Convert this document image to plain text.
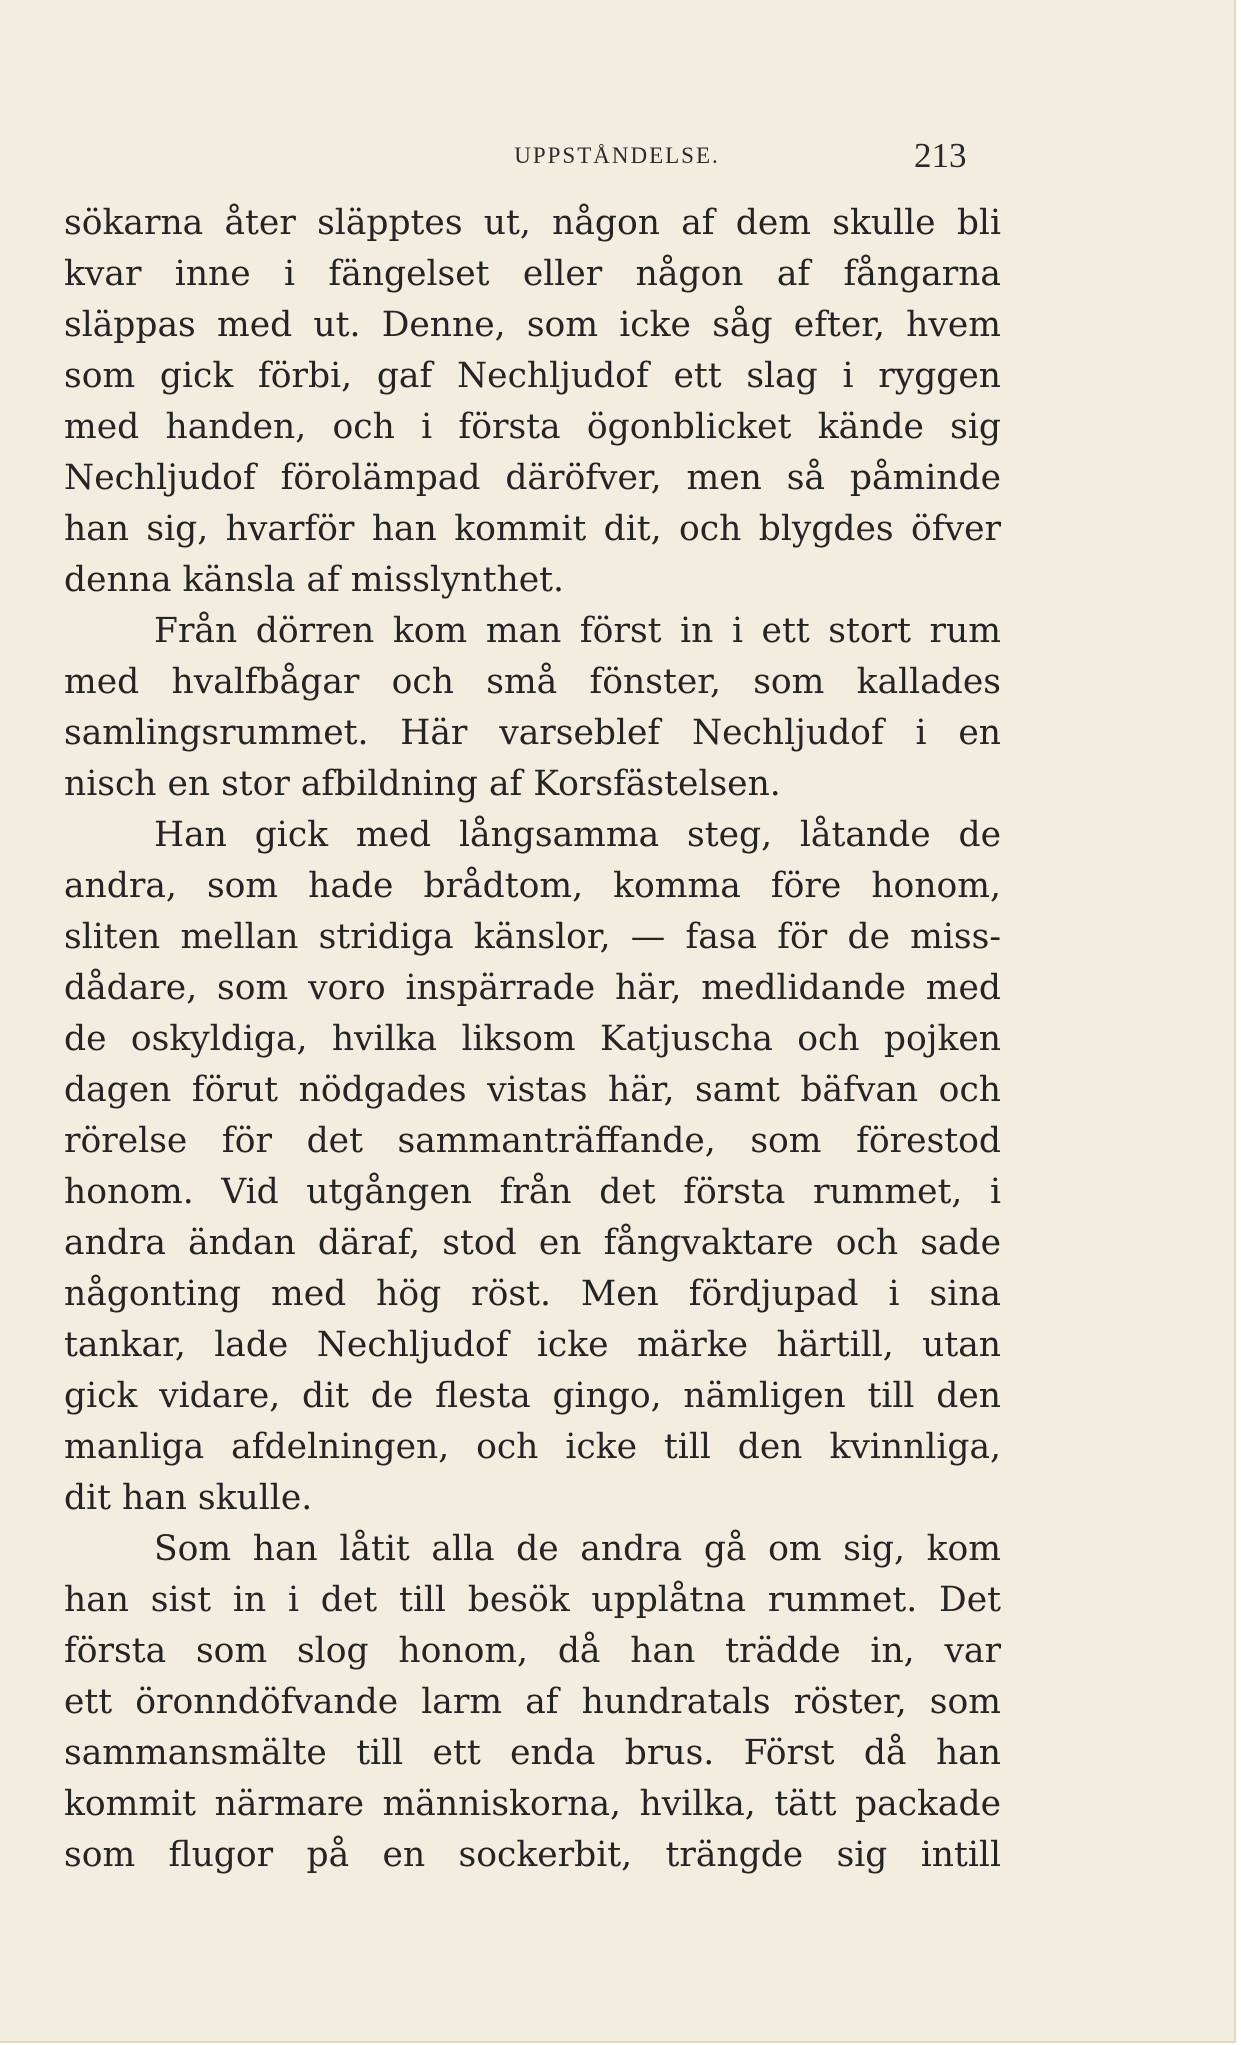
UPPSTÅNDELSE.	213
sökarna åter släpptes ut, någon af dem skulle bli
kvar inne i fängelset eller någon af fångarna
släppas med ut. Denne, som icke såg efter, hvem
som gick förbi, gaf Nechljudof ett slag i ryggen
med handen, och i första ögonblicket kände sig
Nechljudof förolämpad däröfver, men så påminde
han sig, hvarför han kommit dit, och blygdes öfver
denna känsla af misslynthet.
Från dörren kom man först in i ett stort rum
med hvalfbågar och små fönster, som kallades
samlingsrummet. Här varseblef Nechljudof i en
nisch en stor afbildning af Korsfästelsen.
Han gick med långsamma steg, låtande de
andra, som hade brådtom, komma före honom,
sliten mellan stridiga känslor, — fasa för de miss-
dådare, som voro inspärrade här, medlidande med
de oskyldiga, hvilka liksom Katjuscha och pojken
dagen förut nödgades vistas här, samt bäfvan och
rörelse för det sammanträffande, som förestod
honom. Vid utgången från det första rummet, i
andra ändan däraf, stod en fångvaktare och sade
någonting med hög röst. Men fördjupad i sina
tankar, lade Nechljudof icke märke härtill, utan
gick vidare, dit de flesta gingo, nämligen till den
manliga afdelningen, och icke till den kvinnliga,
dit han skulle.
Som han låtit alla de andra gå om sig, kom
han sist in i det till besök upplåtna rummet. Det
första som slog honom, då han trädde in, var
ett öronndöfvande larm af hundratals röster, som
sammansmälte till ett enda brus. Först då han
kommit närmare människorna, hvilka, tätt packade
som flugor på en sockerbit, trängde sig intill
